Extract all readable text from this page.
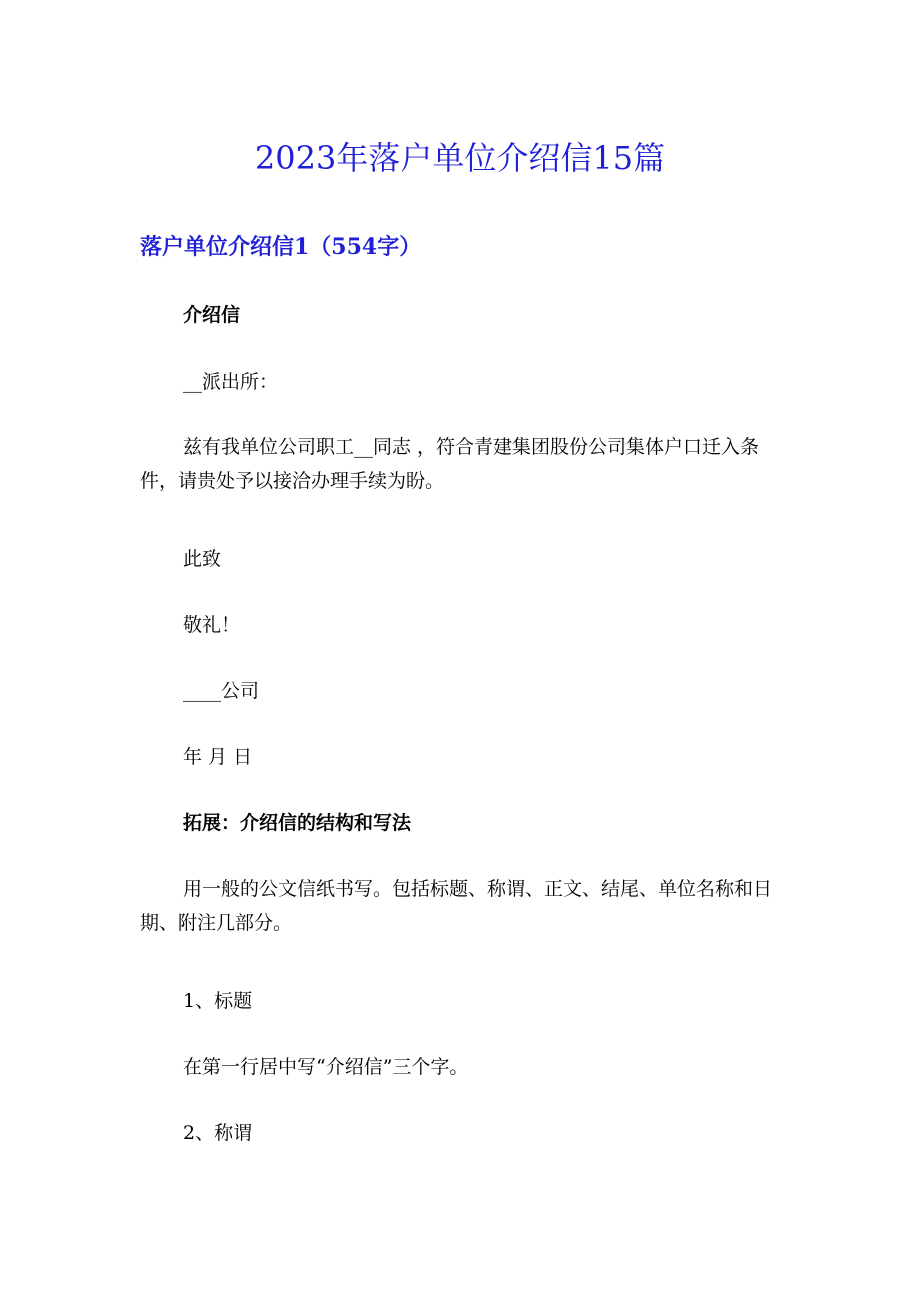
2023年落户单位介绍信15篇
落户单位介绍信1（554字）

介绍信

__派出所：

兹有我单位公司职工__同志 ，符合青建集团股份公司集体户口迁入条件，请贵处予以接洽办理手续为盼。

此致

敬礼！

____公司

年 月 日

拓展：介绍信的结构和写法

用一般的公文信纸书写。包括标题、称谓、正文、结尾、单位名称和日期、附注几部分。

1、标题

在第一行居中写“介绍信”三个字。

2、称谓
